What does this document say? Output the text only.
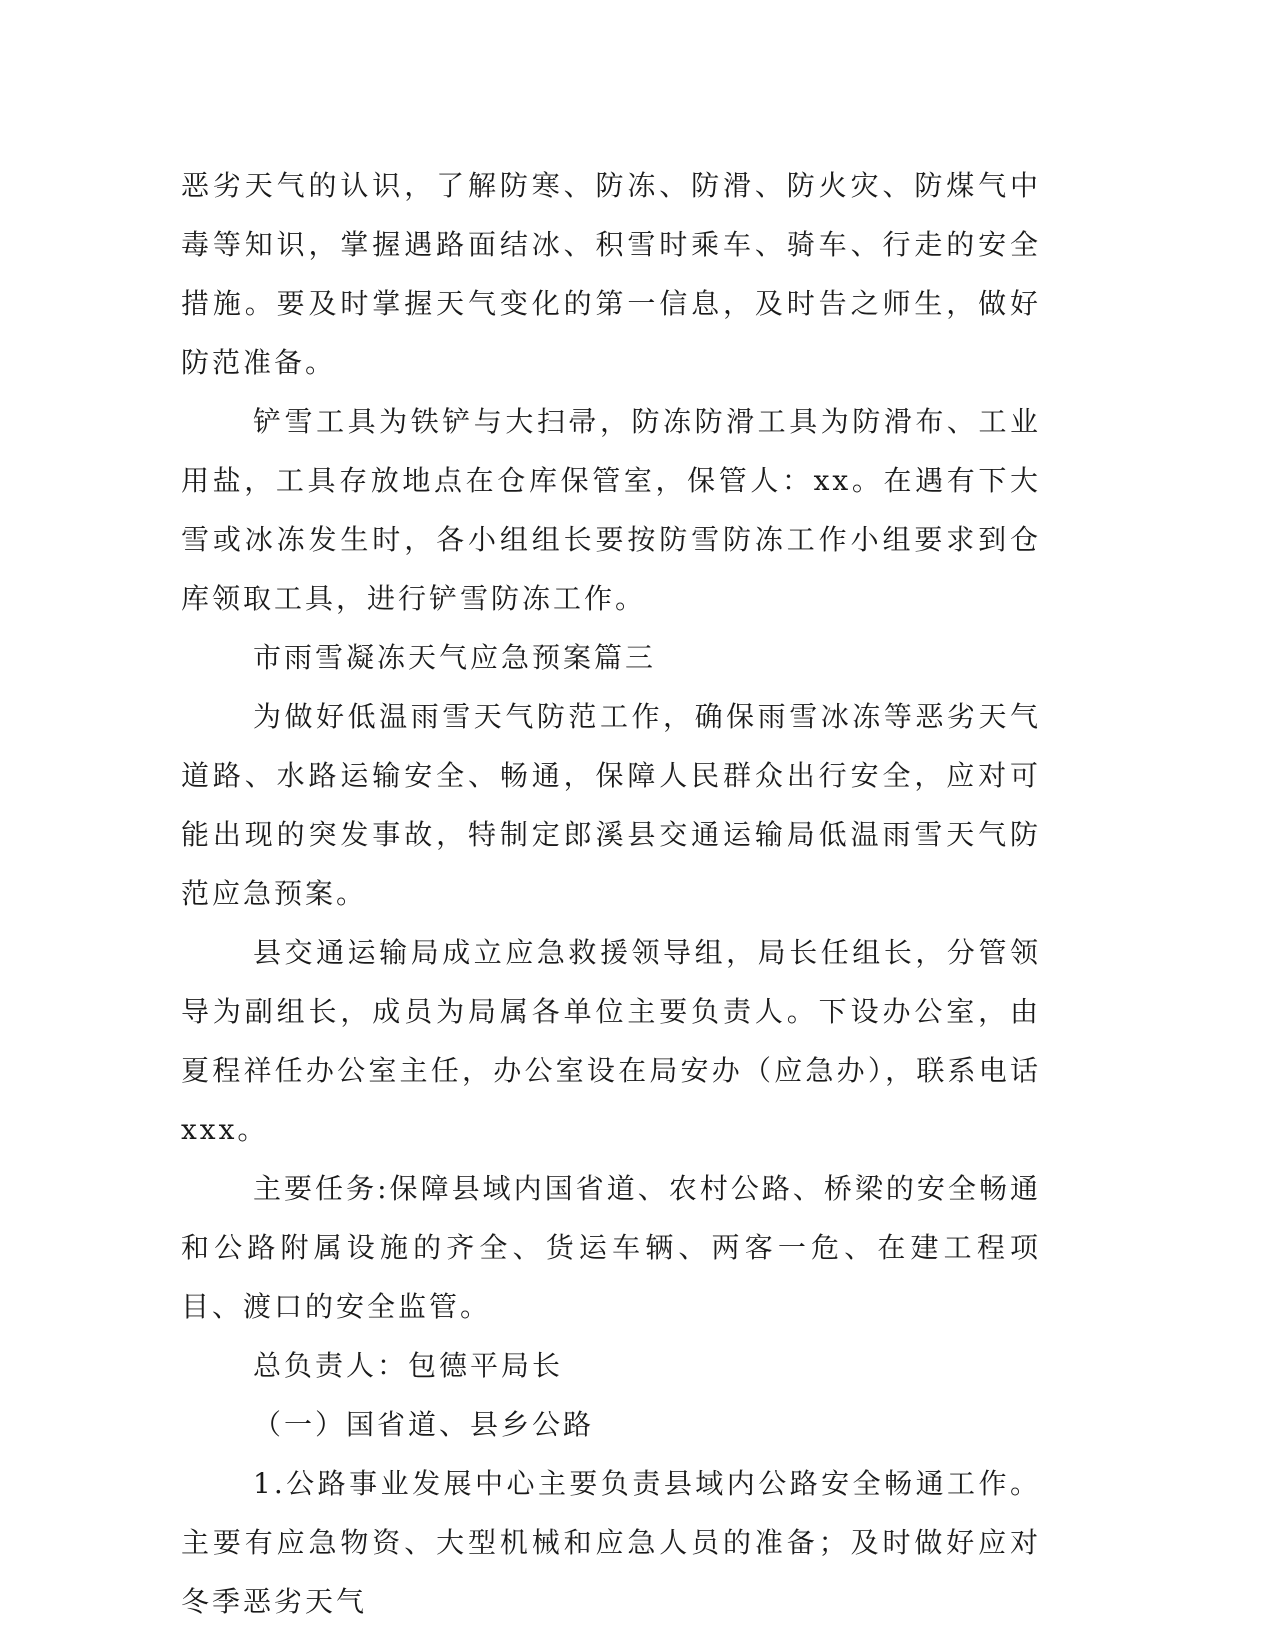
恶劣天气的认识，了解防寒、防冻、防滑、防火灾、防煤气中毒等知识，掌握遇路面结冰、积雪时乘车、骑车、行走的安全措施。要及时掌握天气变化的第一信息，及时告之师生，做好防范准备。

铲雪工具为铁铲与大扫帚，防冻防滑工具为防滑布、工业用盐，工具存放地点在仓库保管室，保管人：xx。在遇有下大雪或冰冻发生时，各小组组长要按防雪防冻工作小组要求到仓库领取工具，进行铲雪防冻工作。

市雨雪凝冻天气应急预案篇三

为做好低温雨雪天气防范工作，确保雨雪冰冻等恶劣天气道路、水路运输安全、畅通，保障人民群众出行安全，应对可能出现的突发事故，特制定郎溪县交通运输局低温雨雪天气防范应急预案。

县交通运输局成立应急救援领导组，局长任组长，分管领导为副组长，成员为局属各单位主要负责人。下设办公室，由夏程祥任办公室主任，办公室设在局安办（应急办），联系电话xxx。

主要任务:保障县域内国省道、农村公路、桥梁的安全畅通和公路附属设施的齐全、货运车辆、两客一危、在建工程项目、渡口的安全监管。

总负责人：包德平局长

（一）国省道、县乡公路

1.公路事业发展中心主要负责县域内公路安全畅通工作。主要有应急物资、大型机械和应急人员的准备；及时做好应对冬季恶劣天气
